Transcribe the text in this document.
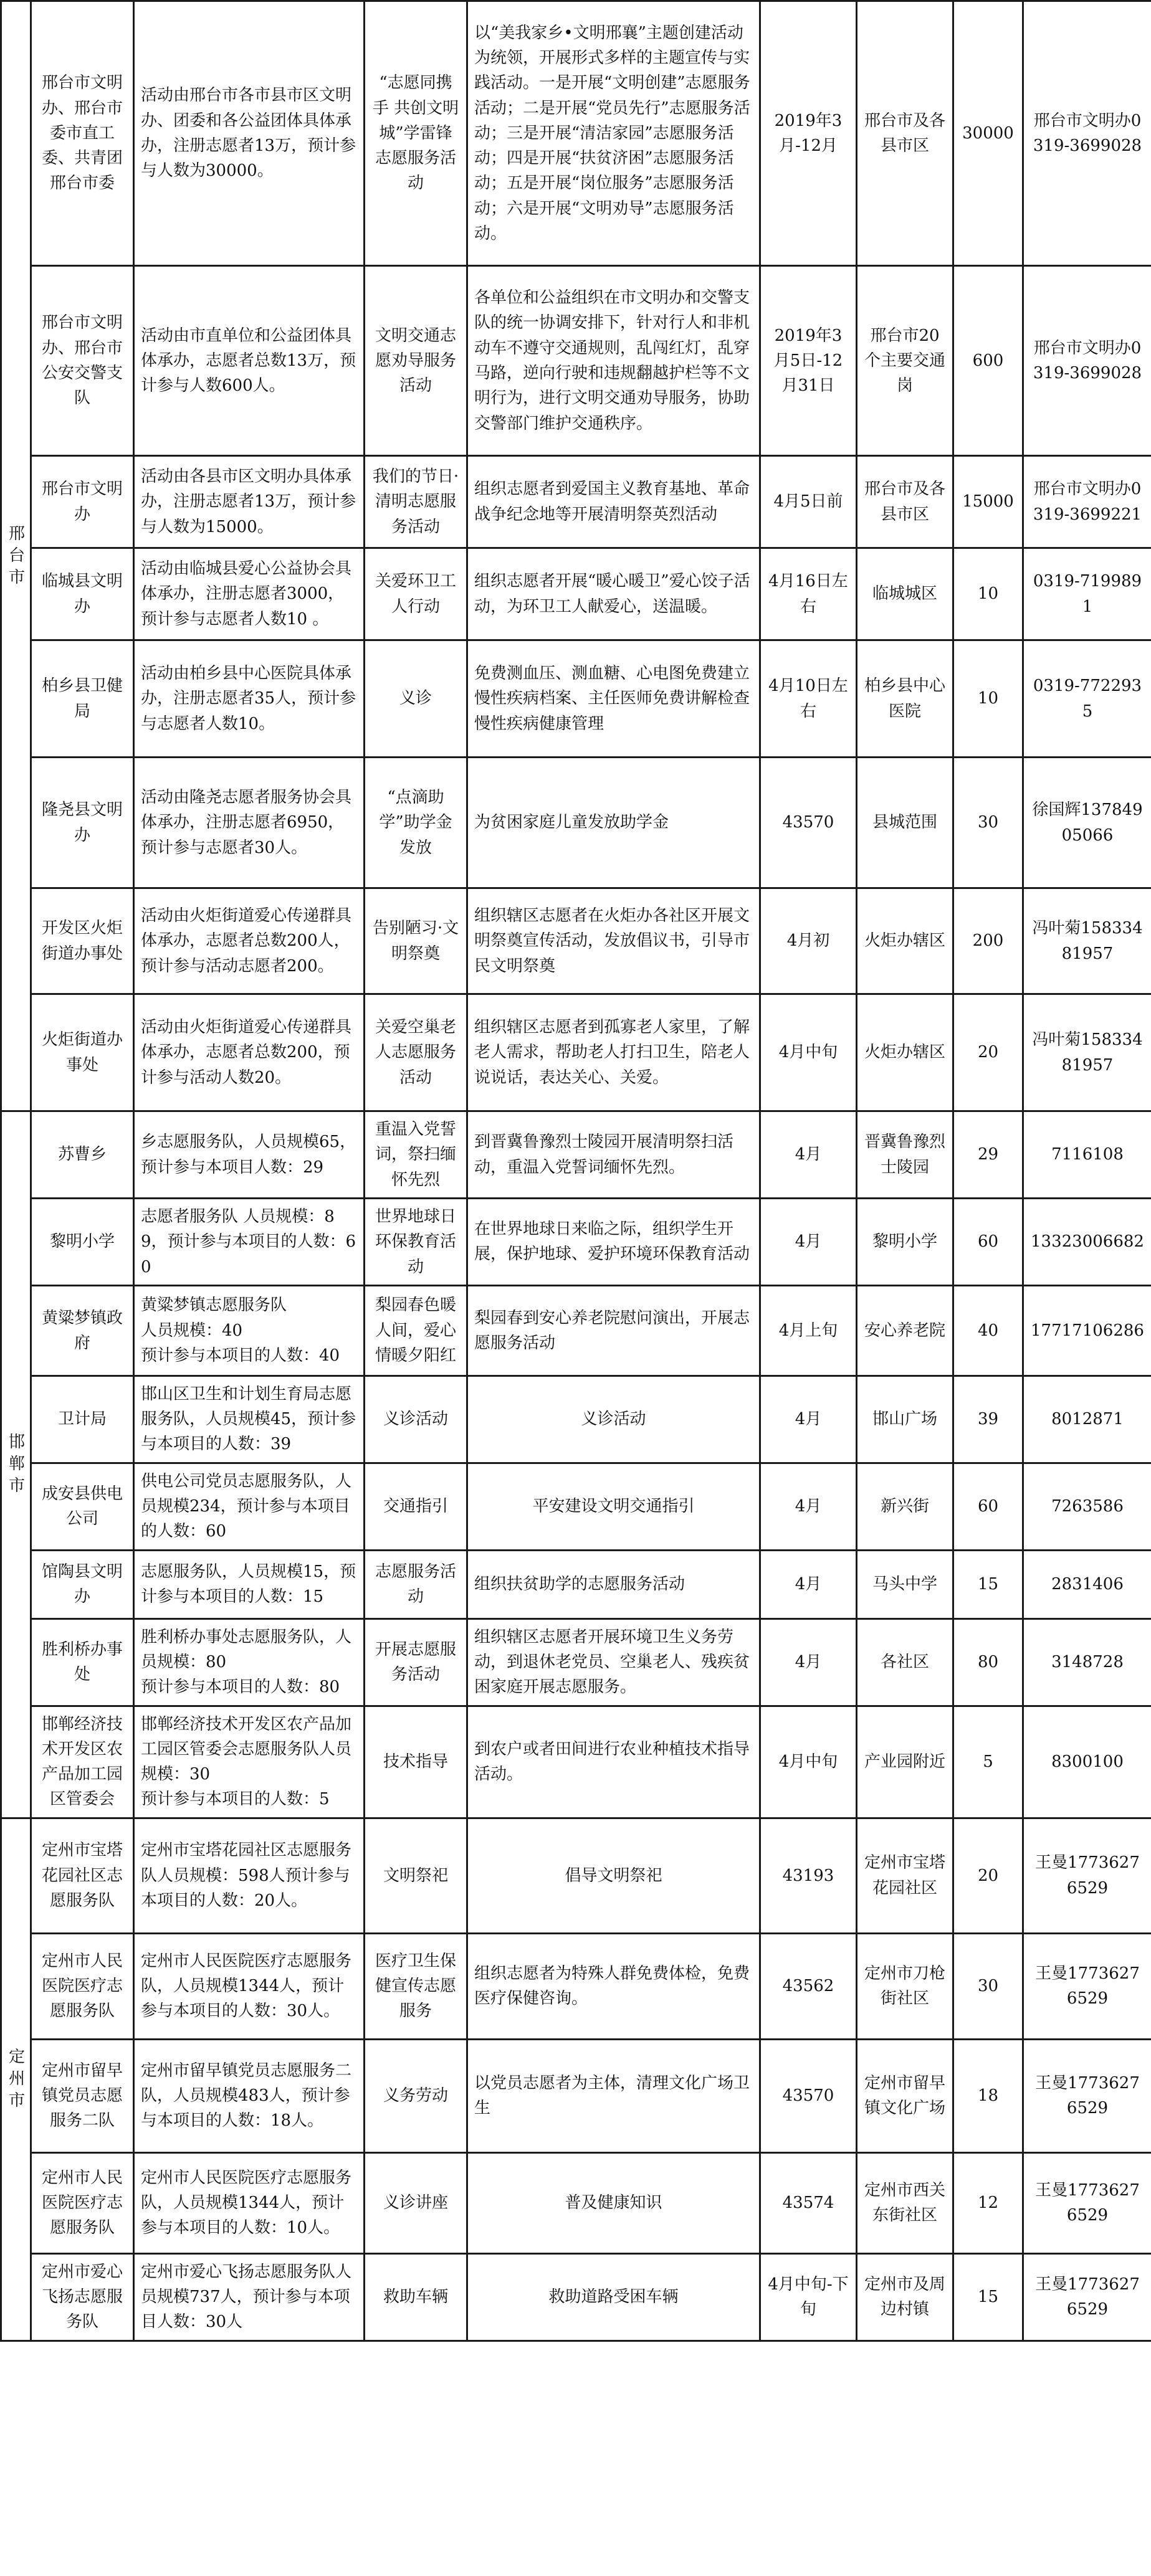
邢台市	邢台市文明办、邢台市委市直工委、共青团邢台市委	活动由邢台市各市县市区文明办、团委和各公益团体具体承办，注册志愿者13万，预计参与人数为30000。	“志愿同携手 共创文明城”学雷锋志愿服务活动	以“美我家乡•文明邢襄”主题创建活动为统领，开展形式多样的主题宣传与实践活动。一是开展“文明创建”志愿服务活动；二是开展“党员先行”志愿服务活动；三是开展“清洁家园”志愿服务活动；四是开展“扶贫济困”志愿服务活动；五是开展“岗位服务”志愿服务活动；六是开展“文明劝导”志愿服务活动。	2019年3月-12月	邢台市及各县市区	30000	邢台市文明办0319-3699028
	邢台市文明办、邢台市公安交警支队	活动由市直单位和公益团体具体承办，志愿者总数13万，预计参与人数600人。	文明交通志愿劝导服务活动	各单位和公益组织在市文明办和交警支队的统一协调安排下，针对行人和非机动车不遵守交通规则，乱闯红灯，乱穿马路，逆向行驶和违规翻越护栏等不文明行为，进行文明交通劝导服务，协助交警部门维护交通秩序。	2019年3月5日-12月31日	邢台市20个主要交通岗	600	邢台市文明办0319-3699028
	邢台市文明办	活动由各县市区文明办具体承办，注册志愿者13万，预计参与人数为15000。	我们的节日·清明志愿服务活动	组织志愿者到爱国主义教育基地、革命战争纪念地等开展清明祭英烈活动	4月5日前	邢台市及各县市区	15000	邢台市文明办0319-3699221
	临城县文明办	活动由临城县爱心公益协会具体承办，注册志愿者3000，预计参与志愿者人数10 。	关爱环卫工人行动	组织志愿者开展“暖心暖卫”爱心饺子活动，为环卫工人献爱心，送温暖。	4月16日左右	临城城区	10	0319-7199891
	柏乡县卫健局	活动由柏乡县中心医院具体承办，注册志愿者35人，预计参与志愿者人数10。	义诊	免费测血压、测血糖、心电图免费建立慢性疾病档案、主任医师免费讲解检查慢性疾病健康管理	4月10日左右	柏乡县中心医院	10	0319-7722935
	隆尧县文明办	活动由隆尧志愿者服务协会具体承办，注册志愿者6950，预计参与志愿者30人。	“点滴助学”助学金发放	为贫困家庭儿童发放助学金	43570	县城范围	30	徐国辉13784905066
	开发区火炬街道办事处	活动由火炬街道爱心传递群具体承办，志愿者总数200人，预计参与活动志愿者200。	告别陋习·文明祭奠	组织辖区志愿者在火炬办各社区开展文明祭奠宣传活动，发放倡议书，引导市民文明祭奠	4月初	火炬办辖区	200	冯叶菊15833481957
	火炬街道办事处	活动由火炬街道爱心传递群具体承办，志愿者总数200，预计参与活动人数20。	关爱空巢老人志愿服务活动	组织辖区志愿者到孤寡老人家里，了解老人需求，帮助老人打扫卫生，陪老人说说话，表达关心、关爱。	4月中旬	火炬办辖区	20	冯叶菊15833481957

邯郸市	苏曹乡	乡志愿服务队，人员规模65，预计参与本项目人数：29	重温入党誓词，祭扫缅怀先烈	到晋冀鲁豫烈士陵园开展清明祭扫活动，重温入党誓词缅怀先烈。	4月	晋冀鲁豫烈士陵园	29	7116108
	黎明小学	志愿者服务队 人员规模：89，预计参与本项目的人数：60	世界地球日环保教育活动	在世界地球日来临之际，组织学生开展，保护地球、爱护环境环保教育活动	4月	黎明小学	60	13323006682
	黄粱梦镇政府	黄粱梦镇志愿服务队
人员规模：40
预计参与本项目的人数：40	梨园春色暖人间，爱心情暖夕阳红	梨园春到安心养老院慰问演出，开展志愿服务活动	4月上旬	安心养老院	40	17717106286
	卫计局	邯山区卫生和计划生育局志愿服务队，人员规模45，预计参与本项目的人数：39	义诊活动	义诊活动	4月	邯山广场	39	8012871
	成安县供电公司	供电公司党员志愿服务队，人员规模234，预计参与本项目的人数：60	交通指引	平安建设文明交通指引	4月	新兴街	60	7263586
	馆陶县文明办	志愿服务队，人员规模15，预计参与本项目的人数：15	志愿服务活动	组织扶贫助学的志愿服务活动	4月	马头中学	15	2831406
	胜利桥办事处	胜利桥办事处志愿服务队，人员规模：80
预计参与本项目的人数：80	开展志愿服务活动	组织辖区志愿者开展环境卫生义务劳动，到退休老党员、空巢老人、残疾贫困家庭开展志愿服务。	4月	各社区	80	3148728
	邯郸经济技术开发区农产品加工园区管委会	邯郸经济技术开发区农产品加工园区管委会志愿服务队人员规模：30
预计参与本项目的人数：5	技术指导	到农户或者田间进行农业种植技术指导活动。	4月中旬	产业园附近	5	8300100

定州市	定州市宝塔花园社区志愿服务队	定州市宝塔花园社区志愿服务队人员规模：598人预计参与本项目的人数：20人。	文明祭祀	倡导文明祭祀	43193	定州市宝塔花园社区	20	王曼17736276529
	定州市人民医院医疗志愿服务队	定州市人民医院医疗志愿服务队，人员规模1344人，预计参与本项目的人数：30人。	医疗卫生保健宣传志愿服务	组织志愿者为特殊人群免费体检，免费医疗保健咨询。	43562	定州市刀枪街社区	30	王曼17736276529
	定州市留早镇党员志愿服务二队	定州市留早镇党员志愿服务二队，人员规模483人，预计参与本项目的人数：18人。	义务劳动	以党员志愿者为主体，清理文化广场卫生	43570	定州市留早镇文化广场	18	王曼17736276529
	定州市人民医院医疗志愿服务队	定州市人民医院医疗志愿服务队，人员规模1344人，预计参与本项目的人数：10人。	义诊讲座	普及健康知识	43574	定州市西关东街社区	12	王曼17736276529
	定州市爱心飞扬志愿服务队	定州市爱心飞扬志愿服务队人员规模737人，预计参与本项目人数：30人	救助车辆	救助道路受困车辆	4月中旬-下旬	定州市及周边村镇	15	王曼17736276529
